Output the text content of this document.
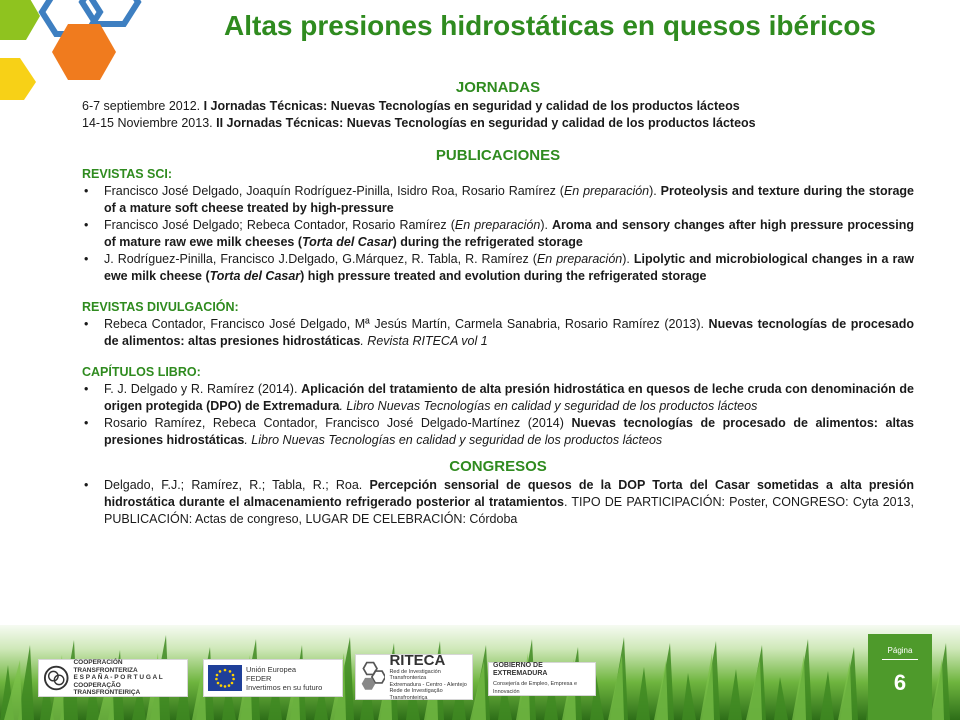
Altas presiones hidrostáticas en quesos ibéricos

JORNADAS

6-7 septiembre 2012. I Jornadas Técnicas: Nuevas Tecnologías en seguridad y calidad de los productos lácteos

14-15 Noviembre 2013. II Jornadas Técnicas: Nuevas Tecnologías en seguridad y calidad de los productos lácteos

PUBLICACIONES

REVISTAS SCI:

• Francisco José Delgado, Joaquín Rodríguez-Pinilla, Isidro Roa, Rosario Ramírez (En preparación). Proteolysis and texture during the storage of a mature soft cheese treated by high-pressure
• Francisco José Delgado; Rebeca Contador, Rosario Ramírez (En preparación). Aroma and sensory changes after high pressure processing of mature raw ewe milk cheeses (Torta del Casar) during the refrigerated storage
• J. Rodríguez-Pinilla, Francisco J.Delgado, G.Márquez, R. Tabla, R. Ramírez (En preparación). Lipolytic and microbiological changes in a raw ewe milk cheese (Torta del Casar) high pressure treated and evolution during the refrigerated storage

REVISTAS DIVULGACIÓN:

• Rebeca Contador, Francisco José Delgado, Mª Jesús Martín, Carmela Sanabria, Rosario Ramírez (2013). Nuevas tecnologías de procesado de alimentos: altas presiones hidrostáticas. Revista RITECA vol 1

CAPÍTULOS LIBRO:

• F. J. Delgado y R. Ramírez (2014). Aplicación del tratamiento de alta presión hidrostática en quesos de leche cruda con denominación de origen protegida (DPO) de Extremadura. Libro Nuevas Tecnologías en calidad y seguridad de los productos lácteos
• Rosario Ramírez, Rebeca Contador, Francisco José Delgado-Martínez (2014) Nuevas tecnologías de procesado de alimentos: altas presiones hidrostáticas. Libro Nuevas Tecnologías en calidad y seguridad de los productos lácteos

CONGRESOS

• Delgado, F.J.; Ramírez, R.; Tabla, R.; Roa. Percepción sensorial de quesos de la DOP Torta del Casar sometidas a alta presión hidrostática durante el almacenamiento refrigerado posterior al tratamientos. TIPO DE PARTICIPACIÓN: Poster, CONGRESO: Cyta 2013, PUBLICACIÓN: Actas de congreso, LUGAR DE CELEBRACIÓN: Córdoba
COOPERACIÓN TRANSFRONTERIZA
E S P A Ñ A - P O R T U G A L
COOPERAÇÃO TRANSFRONTEIRIÇA
Unión Europea
FEDER
Invertimos en su futuro
RITECA
Red de Investigación Transfronteriza
Extremadura - Centro - Alentejo
Rede de Investigação Transfronteiriça
GOBIERNO DE EXTREMADURA
Consejería de Empleo, Empresa e Innovación
Página
6
